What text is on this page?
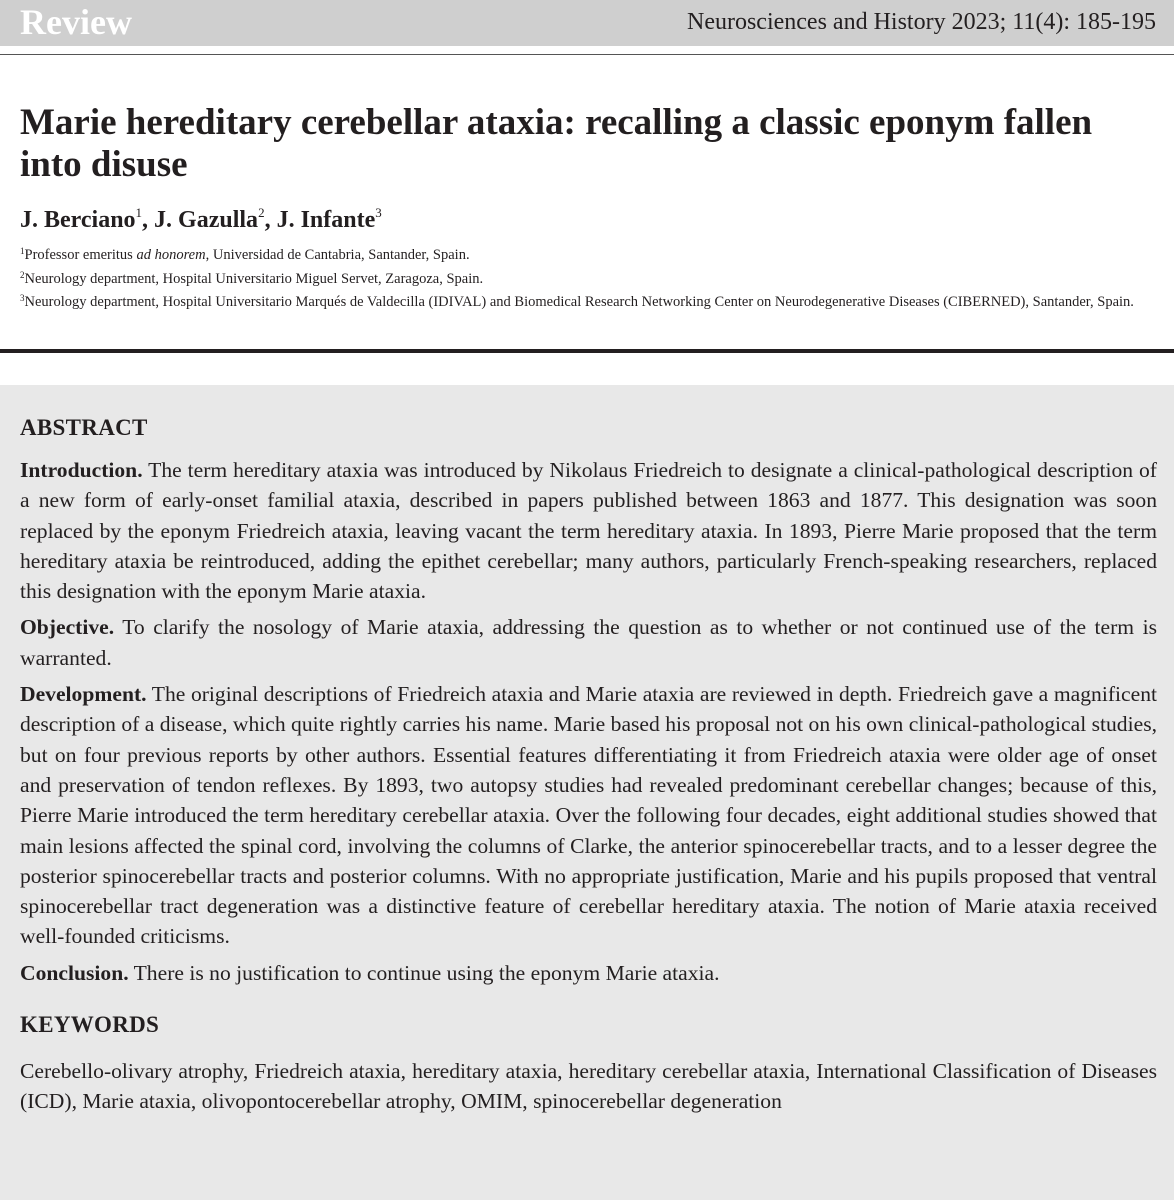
Review	Neurosciences and History 2023; 11(4): 185-195
Marie hereditary cerebellar ataxia: recalling a classic eponym fallen into disuse

J. Berciano$^1$, J. Gazulla$^2$, J. Infante$^3$

$^1$Professor emeritus ad honorem, Universidad de Cantabria, Santander, Spain.

$^2$Neurology department, Hospital Universitario Miguel Servet, Zaragoza, Spain.

$^3$Neurology department, Hospital Universitario Marqués de Valdecilla (IDIVAL) and Biomedical Research Networking Center on Neurodegenerative Diseases (CIBERNED), Santander, Spain.

ABSTRACT

Introduction. The term hereditary ataxia was introduced by Nikolaus Friedreich to designate a clinical-pathological description of a new form of early-onset familial ataxia, described in papers published between 1863 and 1877. This designation was soon replaced by the eponym Friedreich ataxia, leaving vacant the term hereditary ataxia. In 1893, Pierre Marie proposed that the term hereditary ataxia be reintroduced, adding the epithet cerebellar; many authors, particularly French-speaking researchers, replaced this designation with the eponym Marie ataxia.

Objective. To clarify the nosology of Marie ataxia, addressing the question as to whether or not continued use of the term is warranted.

Development. The original descriptions of Friedreich ataxia and Marie ataxia are reviewed in depth. Friedreich gave a magnificent description of a disease, which quite rightly carries his name. Marie based his proposal not on his own clinical-pathological studies, but on four previous reports by other authors. Essential features differentiating it from Friedreich ataxia were older age of onset and preservation of tendon reflexes. By 1893, two autopsy studies had revealed predominant cerebellar changes; because of this, Pierre Marie introduced the term hereditary cerebellar ataxia. Over the following four decades, eight additional studies showed that main lesions affected the spinal cord, involving the columns of Clarke, the anterior spinocerebellar tracts, and to a lesser degree the posterior spinocerebellar tracts and posterior columns. With no appropriate justification, Marie and his pupils proposed that ventral spinocerebellar tract degeneration was a distinctive feature of cerebellar hereditary ataxia. The notion of Marie ataxia received well-founded criticisms.

Conclusion. There is no justification to continue using the eponym Marie ataxia.

KEYWORDS

Cerebello-olivary atrophy, Friedreich ataxia, hereditary ataxia, hereditary cerebellar ataxia, International Classification of Diseases (ICD), Marie ataxia, olivopontocerebellar atrophy, OMIM, spinocerebellar degeneration
